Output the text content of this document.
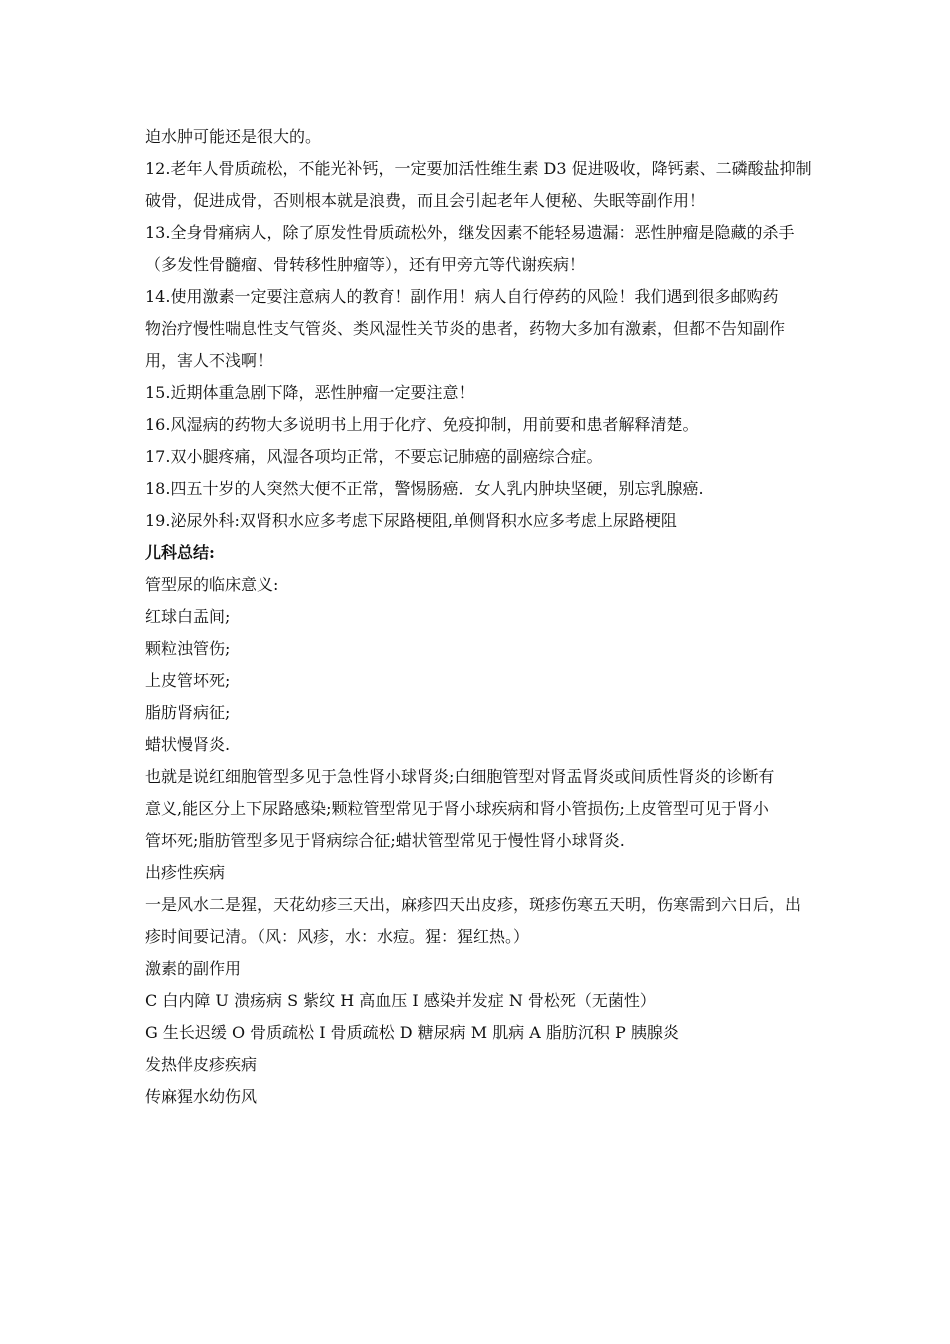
迫水肿可能还是很大的。
12.老年人骨质疏松，不能光补钙，一定要加活性维生素 D3 促进吸收，降钙素、二磷酸盐抑制
破骨，促进成骨，否则根本就是浪费，而且会引起老年人便秘、失眠等副作用！
13.全身骨痛病人，除了原发性骨质疏松外，继发因素不能轻易遗漏：恶性肿瘤是隐藏的杀手
（多发性骨髓瘤、骨转移性肿瘤等），还有甲旁亢等代谢疾病！
14.使用激素一定要注意病人的教育！副作用！病人自行停药的风险！我们遇到很多邮购药
物治疗慢性喘息性支气管炎、类风湿性关节炎的患者，药物大多加有激素，但都不告知副作
用，害人不浅啊！
15.近期体重急剧下降，恶性肿瘤一定要注意！
16.风湿病的药物大多说明书上用于化疗、免疫抑制，用前要和患者解释清楚。
17.双小腿疼痛，风湿各项均正常，不要忘记肺癌的副癌综合症。
18.四五十岁的人突然大便不正常，警惕肠癌．女人乳内肿块坚硬，别忘乳腺癌.
19.泌尿外科:双肾积水应多考虑下尿路梗阻,单侧肾积水应多考虑上尿路梗阻
儿科总结:
管型尿的临床意义:
红球白盂间;
颗粒浊管伤;
上皮管坏死;
脂肪肾病征;
蜡状慢肾炎.
也就是说红细胞管型多见于急性肾小球肾炎;白细胞管型对肾盂肾炎或间质性肾炎的诊断有
意义,能区分上下尿路感染;颗粒管型常见于肾小球疾病和肾小管损伤;上皮管型可见于肾小
管坏死;脂肪管型多见于肾病综合征;蜡状管型常见于慢性肾小球肾炎.
出疹性疾病
一是风水二是猩，天花幼疹三天出，麻疹四天出皮疹，斑疹伤寒五天明，伤寒需到六日后，出
疹时间要记清。（风：风疹，水：水痘。猩：猩红热。）
激素的副作用
C 白内障 U 溃疡病 S 紫纹 H 高血压 I 感染并发症 N 骨松死（无菌性）
G 生长迟缓 O 骨质疏松 I 骨质疏松 D 糖尿病 M 肌病 A 脂肪沉积 P 胰腺炎
发热伴皮疹疾病
传麻猩水幼伤风
